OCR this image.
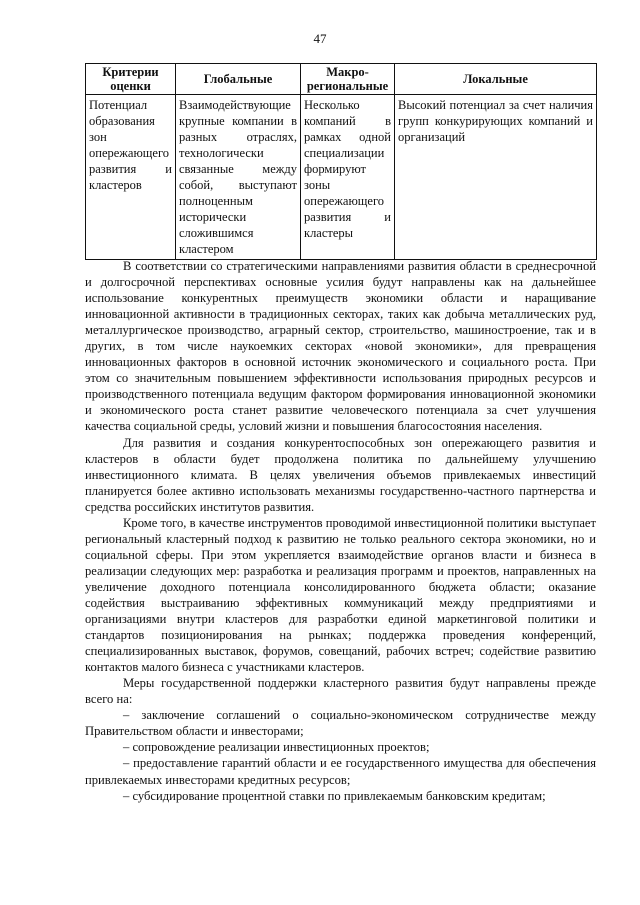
47
Критерии оценки	Глобальные	Макро-региональные	Локальные
Потенциал образования зон опережающего развития и кластеров	Взаимодействующие крупные компании в разных отраслях, технологически связанные между собой, выступают полноценным исторически сложившимся кластером	Несколько компаний в рамках одной специализации формируют зоны опережающего развития и кластеры	Высокий потенциал за счет наличия групп конкурирующих компаний и организаций

В соответствии со стратегическими направлениями развития области в среднесрочной и долгосрочной перспективах основные усилия будут направлены как на дальнейшее использование конкурентных преимуществ экономики области и наращивание инновационной активности в традиционных секторах, таких как добыча металлических руд, металлургическое производство, аграрный сектор, строительство, машиностроение, так и в других, в том числе наукоемких секторах «новой экономики», для превращения инновационных факторов в основной источник экономического и социального роста. При этом со значительным повышением эффективности использования природных ресурсов и производственного потенциала ведущим фактором формирования инновационной экономики и экономического роста станет развитие человеческого потенциала за счет улучшения качества социальной среды, условий жизни и повышения благосостояния населения.

Для развития и создания конкурентоспособных зон опережающего развития и кластеров в области будет продолжена политика по дальнейшему улучшению инвестиционного климата. В целях увеличения объемов привлекаемых инвестиций планируется более активно использовать механизмы государственно-частного партнерства и средства российских институтов развития.

Кроме того, в качестве инструментов проводимой инвестиционной политики выступает региональный кластерный подход к развитию не только реального сектора экономики, но и социальной сферы. При этом укрепляется взаимодействие органов власти и бизнеса в реализации следующих мер: разработка и реализация программ и проектов, направленных на увеличение доходного потенциала консолидированного бюджета области; оказание содействия выстраиванию эффективных коммуникаций между предприятиями и организациями внутри кластеров для разработки единой маркетинговой политики и стандартов позиционирования на рынках; поддержка проведения конференций, специализированных выставок, форумов, совещаний, рабочих встреч; содействие развитию контактов малого бизнеса с участниками кластеров.

Меры государственной поддержки кластерного развития будут направлены прежде всего на:

– заключение соглашений о социально-экономическом сотрудничестве между Правительством области и инвесторами;

– сопровождение реализации инвестиционных проектов;

– предоставление гарантий области и ее государственного имущества для обеспечения привлекаемых инвесторами кредитных ресурсов;

– субсидирование процентной ставки по привлекаемым банковским кредитам;
